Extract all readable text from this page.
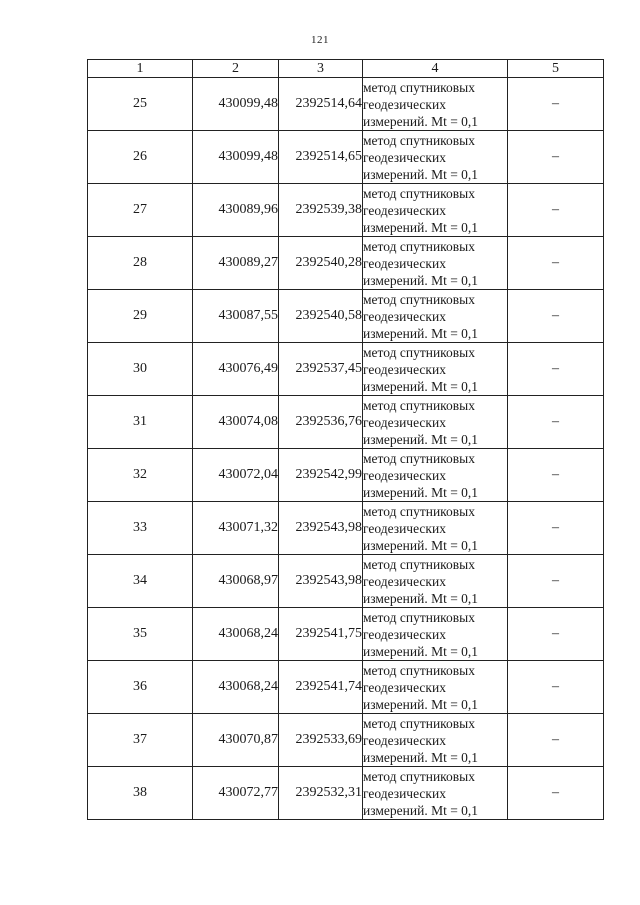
121
1	2	3	4	5
25	430099,48	2392514,64	метод спутниковых
геодезических
измерений. Mt = 0,1	–
26	430099,48	2392514,65	метод спутниковых
геодезических
измерений. Mt = 0,1	–
27	430089,96	2392539,38	метод спутниковых
геодезических
измерений. Mt = 0,1	–
28	430089,27	2392540,28	метод спутниковых
геодезических
измерений. Mt = 0,1	–
29	430087,55	2392540,58	метод спутниковых
геодезических
измерений. Mt = 0,1	–
30	430076,49	2392537,45	метод спутниковых
геодезических
измерений. Mt = 0,1	–
31	430074,08	2392536,76	метод спутниковых
геодезических
измерений. Mt = 0,1	–
32	430072,04	2392542,99	метод спутниковых
геодезических
измерений. Mt = 0,1	–
33	430071,32	2392543,98	метод спутниковых
геодезических
измерений. Mt = 0,1	–
34	430068,97	2392543,98	метод спутниковых
геодезических
измерений. Mt = 0,1	–
35	430068,24	2392541,75	метод спутниковых
геодезических
измерений. Mt = 0,1	–
36	430068,24	2392541,74	метод спутниковых
геодезических
измерений. Mt = 0,1	–
37	430070,87	2392533,69	метод спутниковых
геодезических
измерений. Mt = 0,1	–
38	430072,77	2392532,31	метод спутниковых
геодезических
измерений. Mt = 0,1	–
